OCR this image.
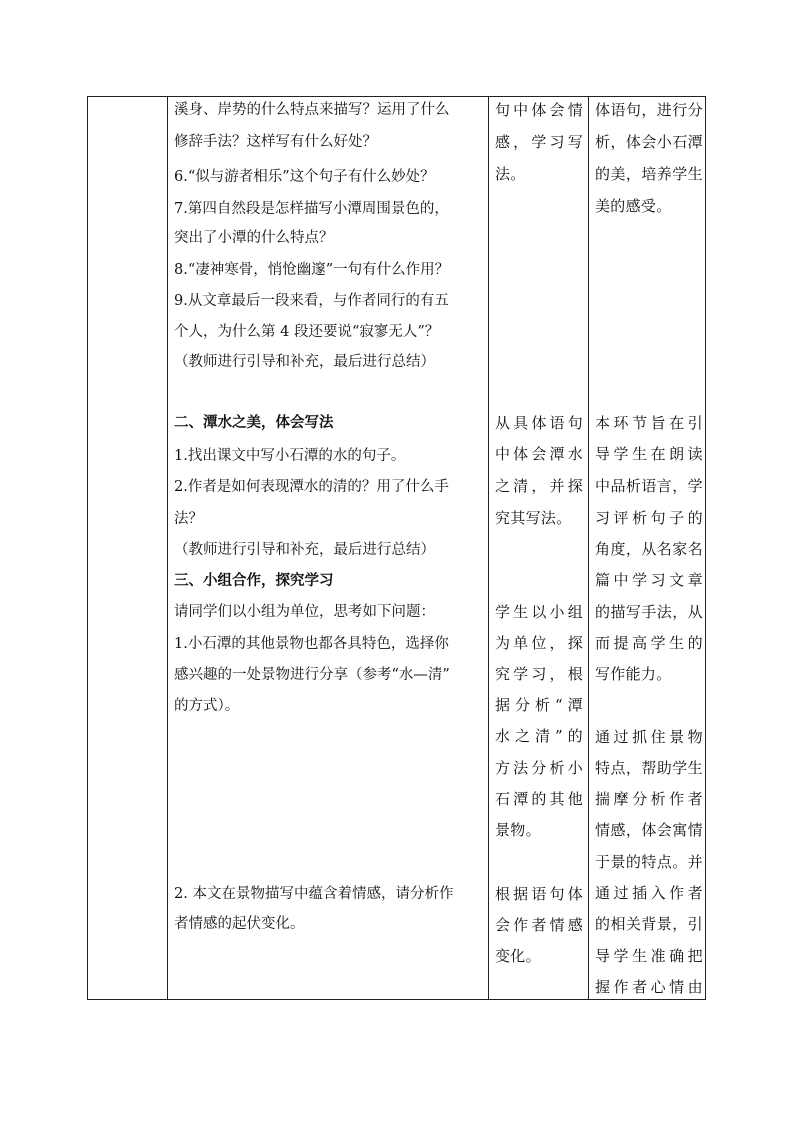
溪身、岸势的什么特点来描写？运用了什么
修辞手法？这样写有什么好处？
6.“似与游者相乐”这个句子有什么妙处？
7.第四自然段是怎样描写小潭周围景色的，
突出了小潭的什么特点？
8.“凄神寒骨，悄怆幽邃”一句有什么作用？
9.从文章最后一段来看，与作者同行的有五
个人，为什么第 4 段还要说“寂寥无人”？
（教师进行引导和补充，最后进行总结）
二、潭水之美，体会写法
1.找出课文中写小石潭的水的句子。
2.作者是如何表现潭水的清的？用了什么手
法？
（教师进行引导和补充，最后进行总结）
三、小组合作，探究学习
请同学们以小组为单位，思考如下问题：
1.小石潭的其他景物也都各具特色，选择你
感兴趣的一处景物进行分享（参考“水—清”
的方式）。
2. 本文在景物描写中蕴含着情感，请分析作
者情感的起伏变化。
句 中 体 会 情
感 ， 学 习 写
法。
从 具 体 语 句
中 体 会 潭 水
之 清 ， 并 探
究其写法。
学 生 以 小 组
为 单 位 ， 探
究 学 习 ， 根
据 分 析 “ 潭
水 之 清 ” 的
方 法 分 析 小
石 潭 的 其 他
景物。
根 据 语 句 体
会 作 者 情 感
变化。
体 语 句 ， 进 行 分
析 ， 体 会 小 石 潭
的 美 ， 培 养 学 生
美的感受。
本 环 节 旨 在 引
导 学 生 在 朗 读
中 品 析 语 言 ， 学
习 评 析 句 子 的
角 度 ， 从 名 家 名
篇 中 学 习 文 章
的 描 写 手 法 ， 从
而 提 高 学 生 的
写作能力。
通 过 抓 住 景 物
特 点 ， 帮 助 学 生
揣 摩 分 析 作 者
情 感 ， 体 会 寓 情
于 景 的 特 点 。 并
通 过 插 入 作 者
的 相 关 背 景 ， 引
导 学 生 准 确 把
握 作 者 心 情 由
